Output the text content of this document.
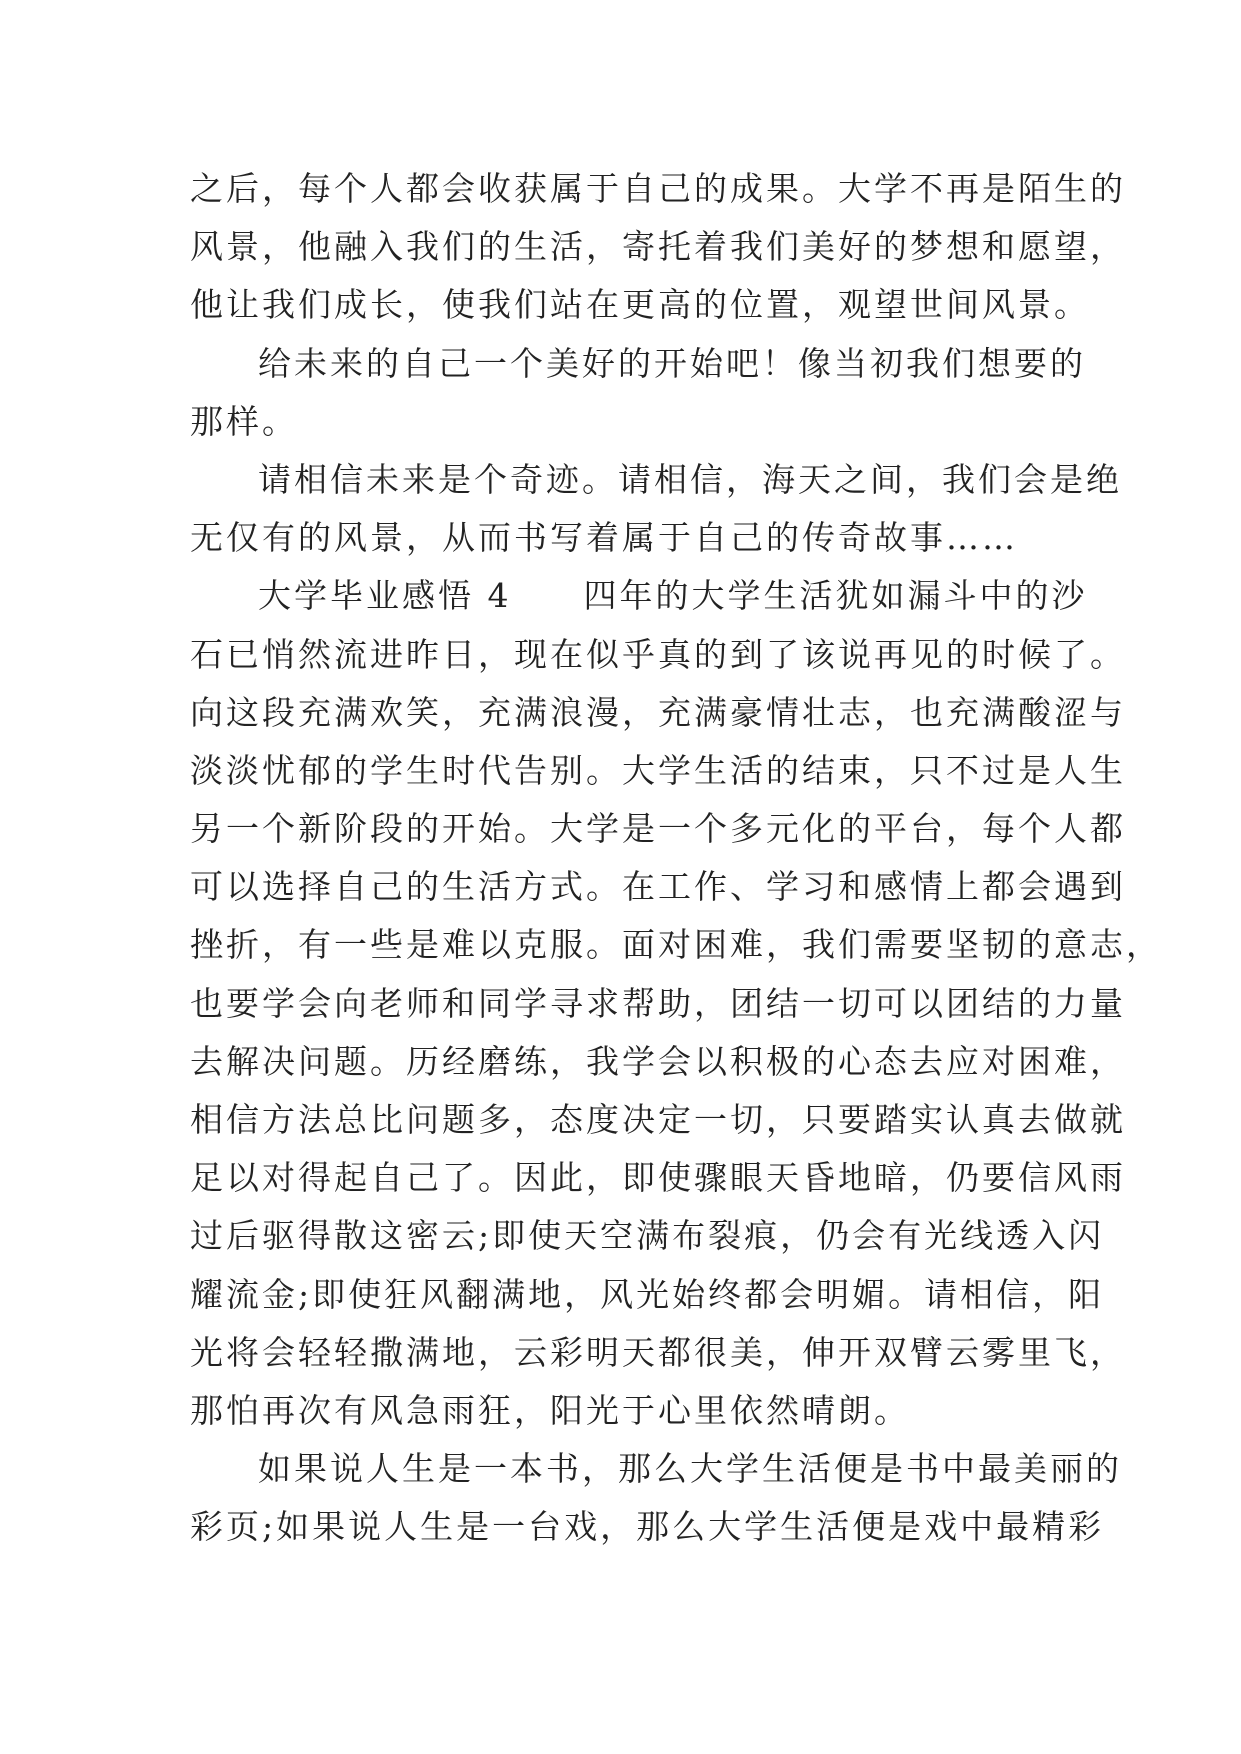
之后，每个人都会收获属于自己的成果。大学不再是陌生的
风景，他融入我们的生活，寄托着我们美好的梦想和愿望，
他让我们成长，使我们站在更高的位置，观望世间风景。
给未来的自己一个美好的开始吧！像当初我们想要的
那样。
请相信未来是个奇迹。请相信，海天之间，我们会是绝
无仅有的风景，从而书写着属于自己的传奇故事……
大学毕业感悟 4　　四年的大学生活犹如漏斗中的沙
石已悄然流进昨日，现在似乎真的到了该说再见的时候了。
向这段充满欢笑，充满浪漫，充满豪情壮志，也充满酸涩与
淡淡忧郁的学生时代告别。大学生活的结束，只不过是人生
另一个新阶段的开始。大学是一个多元化的平台，每个人都
可以选择自己的生活方式。在工作、学习和感情上都会遇到
挫折，有一些是难以克服。面对困难，我们需要坚韧的意志，
也要学会向老师和同学寻求帮助，团结一切可以团结的力量
去解决问题。历经磨练，我学会以积极的心态去应对困难，
相信方法总比问题多，态度决定一切，只要踏实认真去做就
足以对得起自己了。因此，即使骤眼天昏地暗，仍要信风雨
过后驱得散这密云;即使天空满布裂痕，仍会有光线透入闪
耀流金;即使狂风翻满地，风光始终都会明媚。请相信，阳
光将会轻轻撒满地，云彩明天都很美，伸开双臂云雾里飞，
那怕再次有风急雨狂，阳光于心里依然晴朗。
如果说人生是一本书，那么大学生活便是书中最美丽的
彩页;如果说人生是一台戏，那么大学生活便是戏中最精彩
